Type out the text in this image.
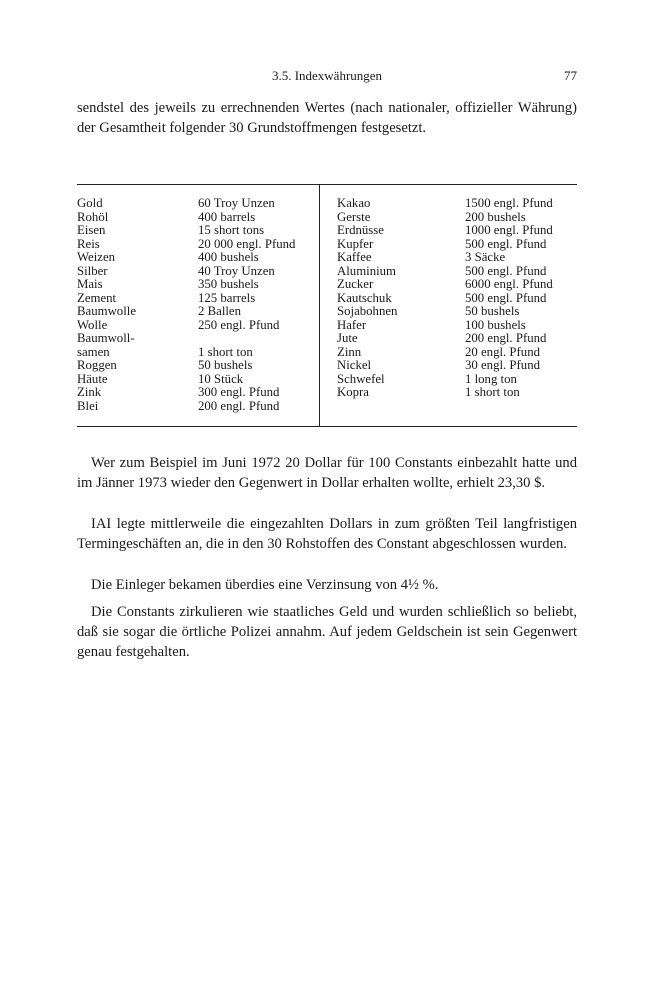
3.5. Indexwährungen	77

sendstel des jeweils zu errechnenden Wertes (nach nationaler, offizieller Währung) der Gesamtheit folgender 30 Grundstoffmengen festgesetzt.

Gold
Rohöl
Eisen
Reis
Weizen
Silber
Mais
Zement
Baumwolle
Wolle
Baumwoll-
samen
Roggen
Häute
Zink
Blei
60 Troy Unzen
400 barrels
15 short tons
20 000 engl. Pfund
400 bushels
40 Troy Unzen
350 bushels
125 barrels
2 Ballen
250 engl. Pfund
1 short ton
50 bushels
10 Stück
300 engl. Pfund
200 engl. Pfund
Kakao
Gerste
Erdnüsse
Kupfer
Kaffee
Aluminium
Zucker
Kautschuk
Sojabohnen
Hafer
Jute
Zinn
Nickel
Schwefel
Kopra
1500 engl. Pfund
200 bushels
1000 engl. Pfund
500 engl. Pfund
3 Säcke
500 engl. Pfund
6000 engl. Pfund
500 engl. Pfund
50 bushels
100 bushels
200 engl. Pfund
20 engl. Pfund
30 engl. Pfund
1 long ton
1 short ton

Wer zum Beispiel im Juni 1972 20 Dollar für 100 Constants einbezahlt hatte und im Jänner 1973 wieder den Gegenwert in Dollar erhalten wollte, erhielt 23,30 $.

IAI legte mittlerweile die eingezahlten Dollars in zum größten Teil langfristigen Termingeschäften an, die in den 30 Rohstoffen des Constant abgeschlossen wurden.

Die Einleger bekamen überdies eine Verzinsung von 4½ %.

Die Constants zirkulieren wie staatliches Geld und wurden schließlich so beliebt, daß sie sogar die örtliche Polizei annahm. Auf jedem Geldschein ist sein Gegenwert genau festgehalten.
